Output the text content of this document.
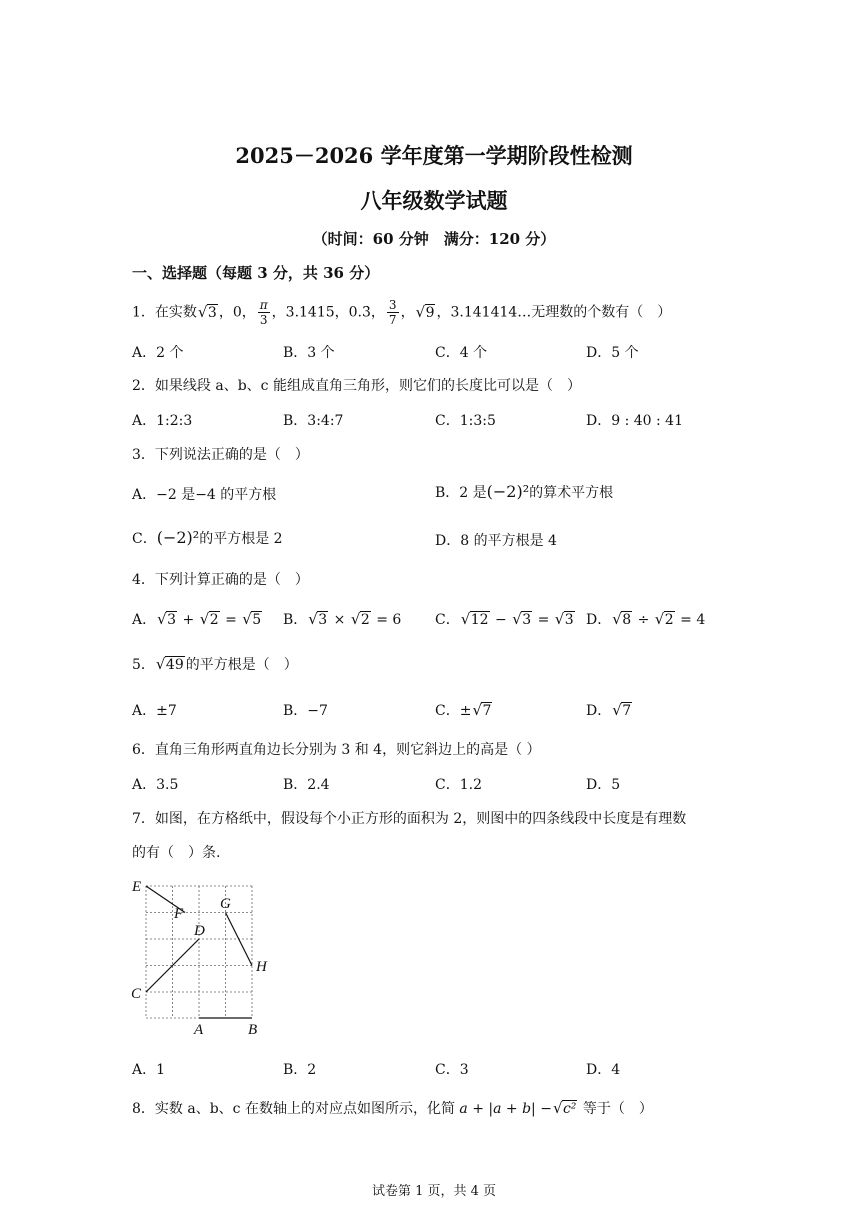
2025－2026 学年度第一学期阶段性检测
八年级数学试题
（时间：60 分钟　满分：120 分）
一、选择题（每题 3 分，共 36 分）
1．在实数 √ 3 ，0， $\frac{\pi}{3}$ ，3.1415，0.3̇， $\frac{3}{7}$ ， √ 9 ，3.141414…无理数的个数有（　）
A．2 个	B．3 个	C．4 个	D．5 个
2．如果线段 a、b、c 能组成直角三角形，则它们的长度比可以是（　）
A．1:2:3	B．3:4:7	C．1:3:5	D．9 : 40 : 41
3．下列说法正确的是（　）
A．−2 是−4 的平方根	B．2 是(−2)²的算术平方根
C．(−2)²的平方根是 2	D．8 的平方根是 4
4．下列计算正确的是（　）
A． √ 3 + √ 2 = √ 5 B． √ 3 × √ 2 = 6 C． √ 12 − √ 3 = √ 3 D． √ 8 ÷ √ 2 = 4
5． √ 49 的平方根是（　）
A．±7	B．−7	C．± √ 7	D． √ 7
6．直角三角形两直角边长分别为 3 和 4，则它斜边上的高是（ ）
A．3.5	B．2.4	C．1.2	D．5
7．如图，在方格纸中，假设每个小正方形的面积为 2，则图中的四条线段中长度是有理数
的有（　）条.
E
F
G
D
H
C
A	B
A．1	B．2	C．3	D．4
8．实数 a、b、c 在数轴上的对应点如图所示，化简 a + |a + b| − √ c² 等于（　）
试卷第 1 页，共 4 页
